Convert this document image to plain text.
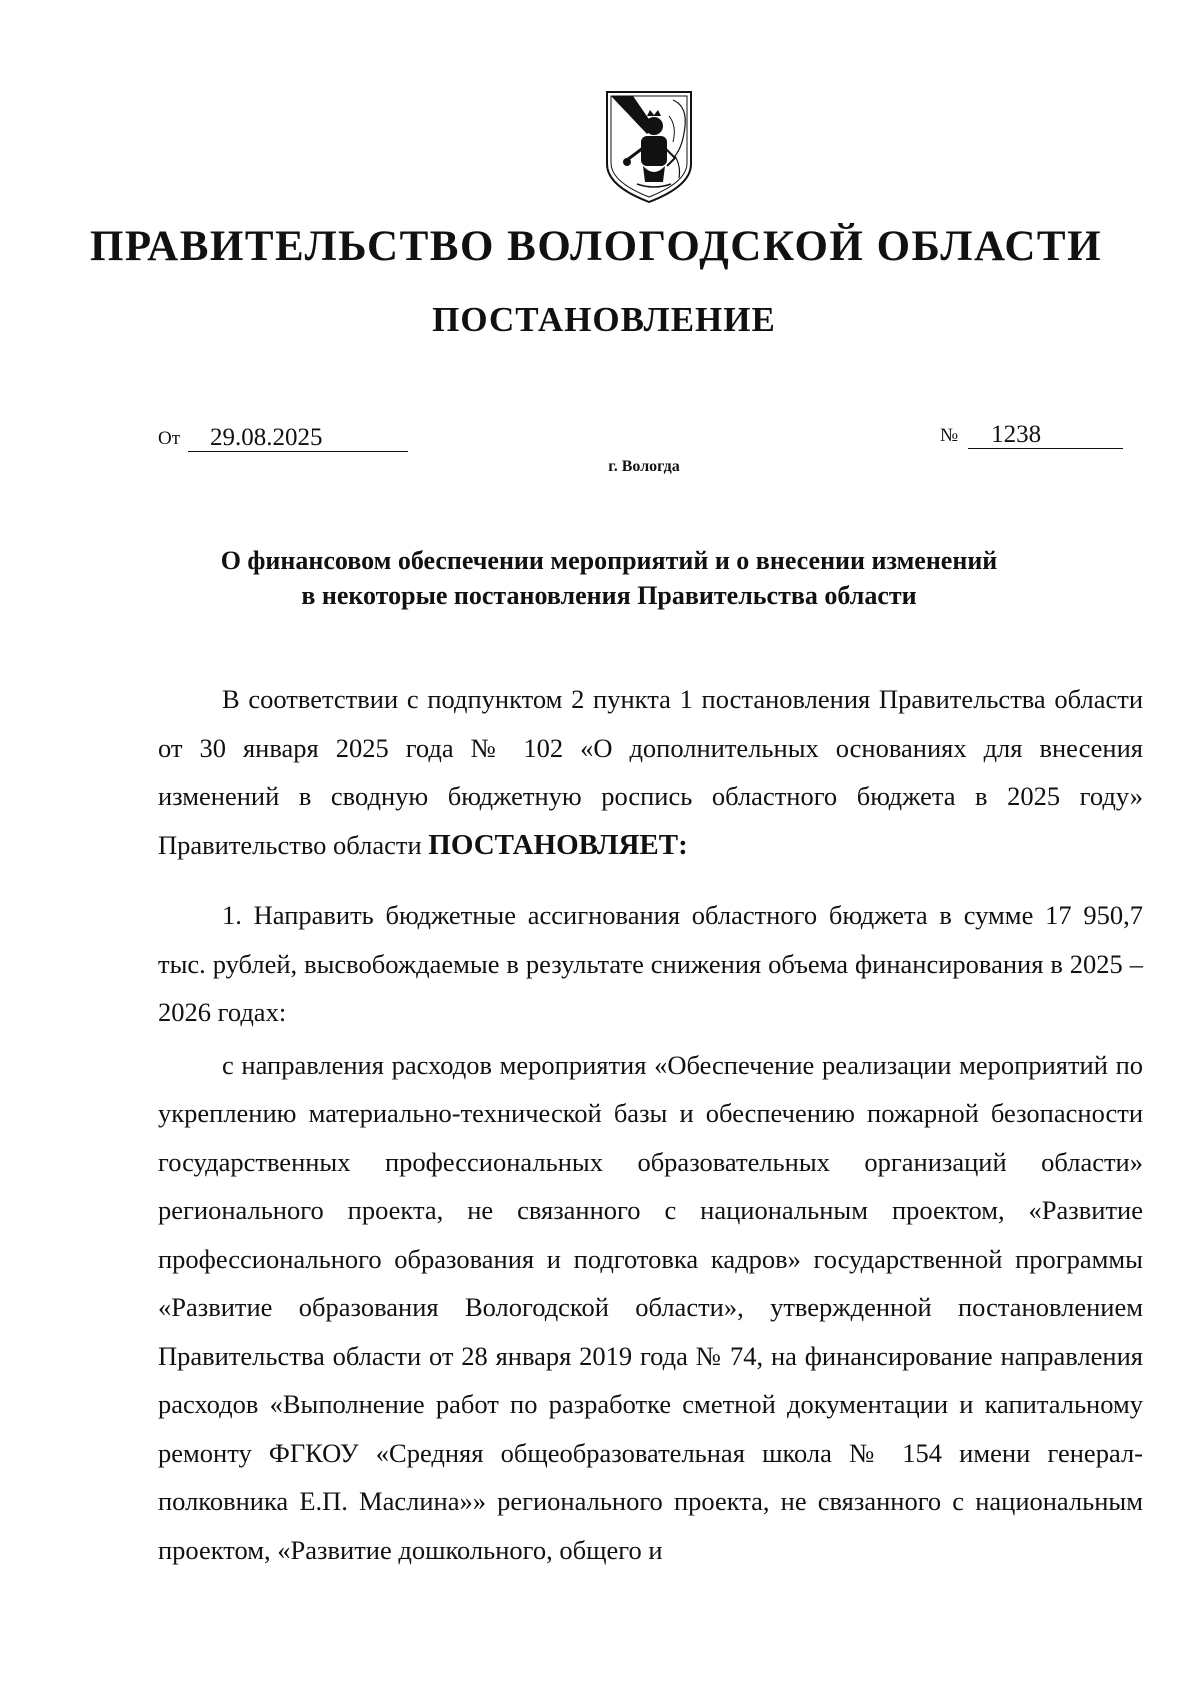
ПРАВИТЕЛЬСТВО ВОЛОГОДСКОЙ ОБЛАСТИ
ПОСТАНОВЛЕНИЕ
От	29.08.2025	№	1238
г. Вологда
О финансовом обеспечении мероприятий и о внесении изменений
в некоторые постановления Правительства области

В соответствии с подпунктом 2 пункта 1 постановления Правительства области от 30 января 2025 года № 102 «О дополнительных основаниях для внесения изменений в сводную бюджетную роспись областного бюджета в 2025 году» Правительство области ПОСТАНОВЛЯЕТ:

1. Направить бюджетные ассигнования областного бюджета в сумме 17 950,7 тыс. рублей, высвобождаемые в результате снижения объема финансирования в 2025 – 2026 годах:

с направления расходов мероприятия «Обеспечение реализации мероприятий по укреплению материально-технической базы и обеспечению пожарной безопасности государственных профессиональных образовательных организаций области» регионального проекта, не связанного с национальным проектом, «Развитие профессионального образования и подготовка кадров» государственной программы «Развитие образования Вологодской области», утвержденной постановлением Правительства области от 28 января 2019 года № 74, на финансирование направления расходов «Выполнение работ по разработке сметной документации и капитальному ремонту ФГКОУ «Средняя общеобразовательная школа № 154 имени генерал-полковника Е.П. Маслина»» регионального проекта, не связанного с национальным проектом, «Развитие дошкольного, общего и
